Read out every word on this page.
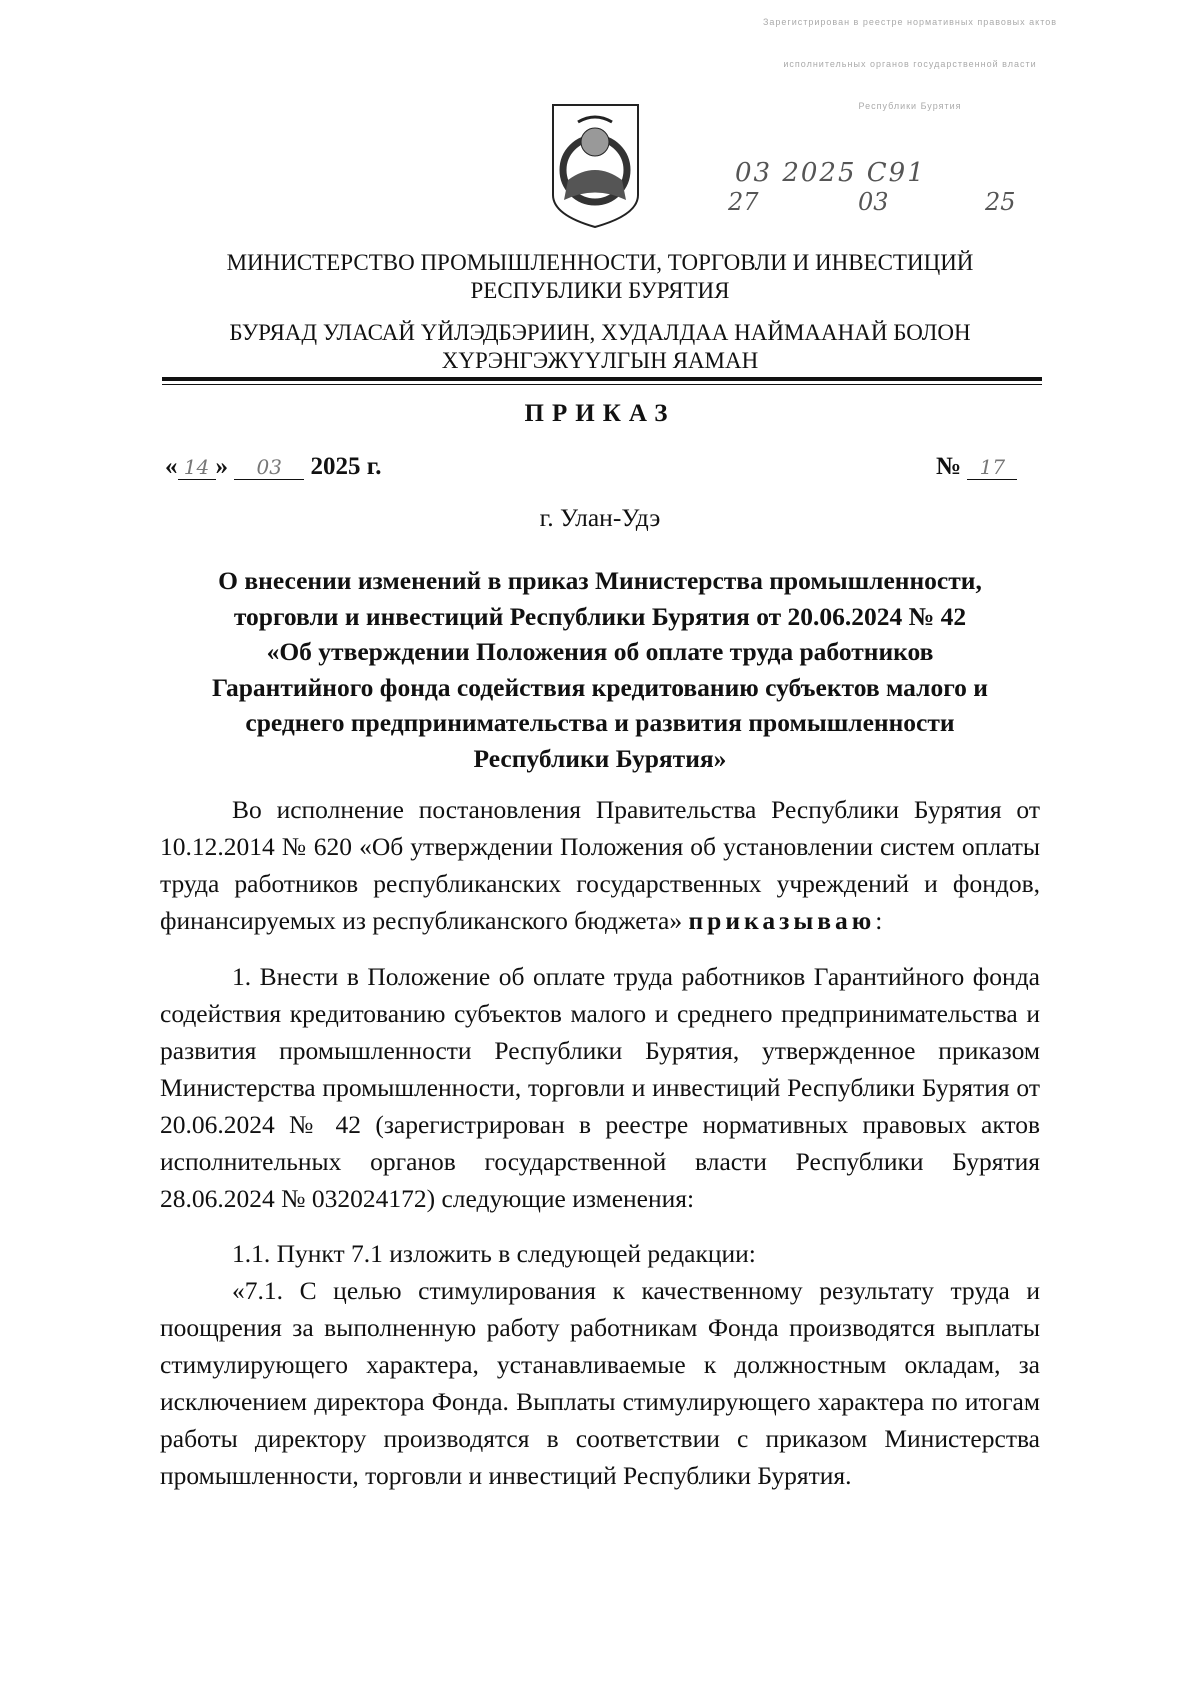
Зарегистрирован в реестре нормативных правовых актов
исполнительных органов государственной власти
Республики Бурятия
03 2025 С91
27	03	25
МИНИСТЕРСТВО ПРОМЫШЛЕННОСТИ, ТОРГОВЛИ И ИНВЕСТИЦИЙ
РЕСПУБЛИКИ БУРЯТИЯ
БУРЯАД УЛАСАЙ ҮЙЛЭДБЭРИИН, ХУДАЛДАА НАЙМААНАЙ БОЛОН
ХҮРЭНГЭЖҮҮЛГЫН ЯАМАН
ПРИКАЗ
« 14 » 03 2025 г.	№ 17
г. Улан-Удэ
О внесении изменений в приказ Министерства промышленности,
торговли и инвестиций Республики Бурятия от 20.06.2024 № 42
«Об утверждении Положения об оплате труда работников
Гарантийного фонда содействия кредитованию субъектов малого и
среднего предпринимательства и развития промышленности
Республики Бурятия»

Во исполнение постановления Правительства Республики Бурятия от 10.12.2014 № 620 «Об утверждении Положения об установлении систем оплаты труда работников республиканских государственных учреждений и фондов, финансируемых из республиканского бюджета» приказываю:

1. Внести в Положение об оплате труда работников Гарантийного фонда содействия кредитованию субъектов малого и среднего предпринимательства и развития промышленности Республики Бурятия, утвержденное приказом Министерства промышленности, торговли и инвестиций Республики Бурятия от 20.06.2024 № 42 (зарегистрирован в реестре нормативных правовых актов исполнительных органов государственной власти Республики Бурятия 28.06.2024 № 032024172) следующие изменения:

1.1. Пункт 7.1 изложить в следующей редакции:

«7.1. С целью стимулирования к качественному результату труда и поощрения за выполненную работу работникам Фонда производятся выплаты стимулирующего характера, устанавливаемые к должностным окладам, за исключением директора Фонда. Выплаты стимулирующего характера по итогам работы директору производятся в соответствии с приказом Министерства промышленности, торговли и инвестиций Республики Бурятия.
